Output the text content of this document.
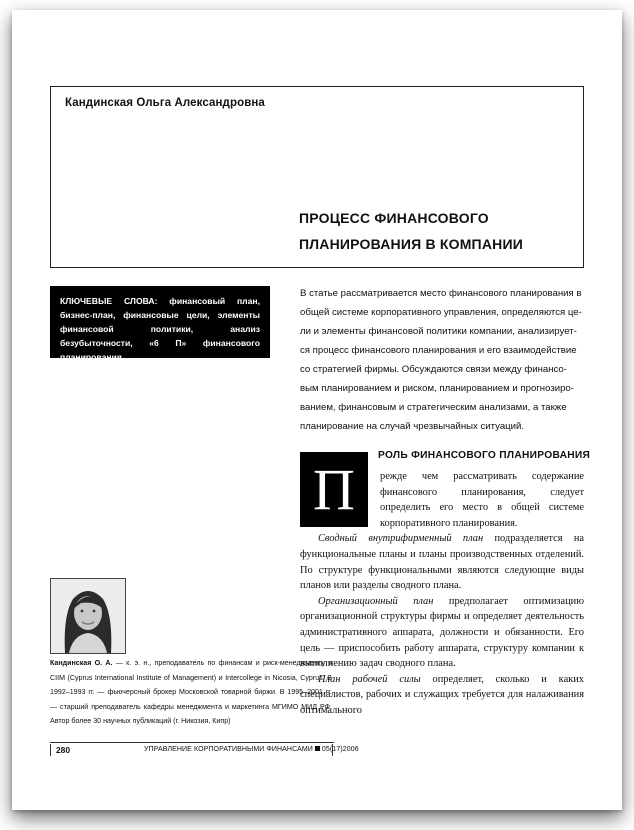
Кандинская Ольга Александровна
ПРОЦЕСС ФИНАНСОВОГО
ПЛАНИРОВАНИЯ В КОМПАНИИ
КЛЮЧЕВЫЕ СЛОВА: финансовый план, бизнес-план, финансовые цели, элементы финансовой политики, анализ безубыточности, «6 П» финансового планирования
В статье рассматривается место финансового планирования в
общей системе корпоративного управления, определяются це-
ли и элементы финансовой политики компании, анализирует-
ся процесс финансового планирования и его взаимодействие
со стратегией фирмы. Обсуждаются связи между финансо-
вым планированием и риском, планированием и прогнозиро-
ванием, финансовым и стратегическим анализами, а также
планирование на случай чрезвычайных ситуаций.
РОЛЬ ФИНАНСОВОГО ПЛАНИРОВАНИЯ
П	режде чем рассматривать содержание финансового планирования, следует определить его место в общей системе корпоративного планирования.

Сводный внутрифирменный план подразделяется на функциональные планы и планы производственных отделений. По структуре функциональными являются следующие виды планов или разделы сводного плана.

Организационный план предполагает оптимизацию организационной структуры фирмы и определяет деятельность административного аппарата, должности и обязанности. Его цель — приспособить работу аппарата, структуру компании к выполнению задач сводного плана.

План рабочей силы определяет, сколько и каких специалистов, рабочих и служащих требуется для налаживания оптимального

Кандинская О. А. — к. э. н., преподаватель по финансам и риск-менеджменту в CIIM (Cyprus International Institute of Management) и Intercollege in Nicosia, Cyprus. В 1992–1993 гг. — фьючерсный брокер Московской товарной биржи. В 1995–2001 гг. — старший преподаватель кафедры менеджмента и маркетинга МГИМО МИД РФ. Автор более 30 научных публикаций (г. Никозия, Кипр)
280	УПРАВЛЕНИЕ КОРПОРАТИВНЫМИ ФИНАНСАМИ 05(17)2006
